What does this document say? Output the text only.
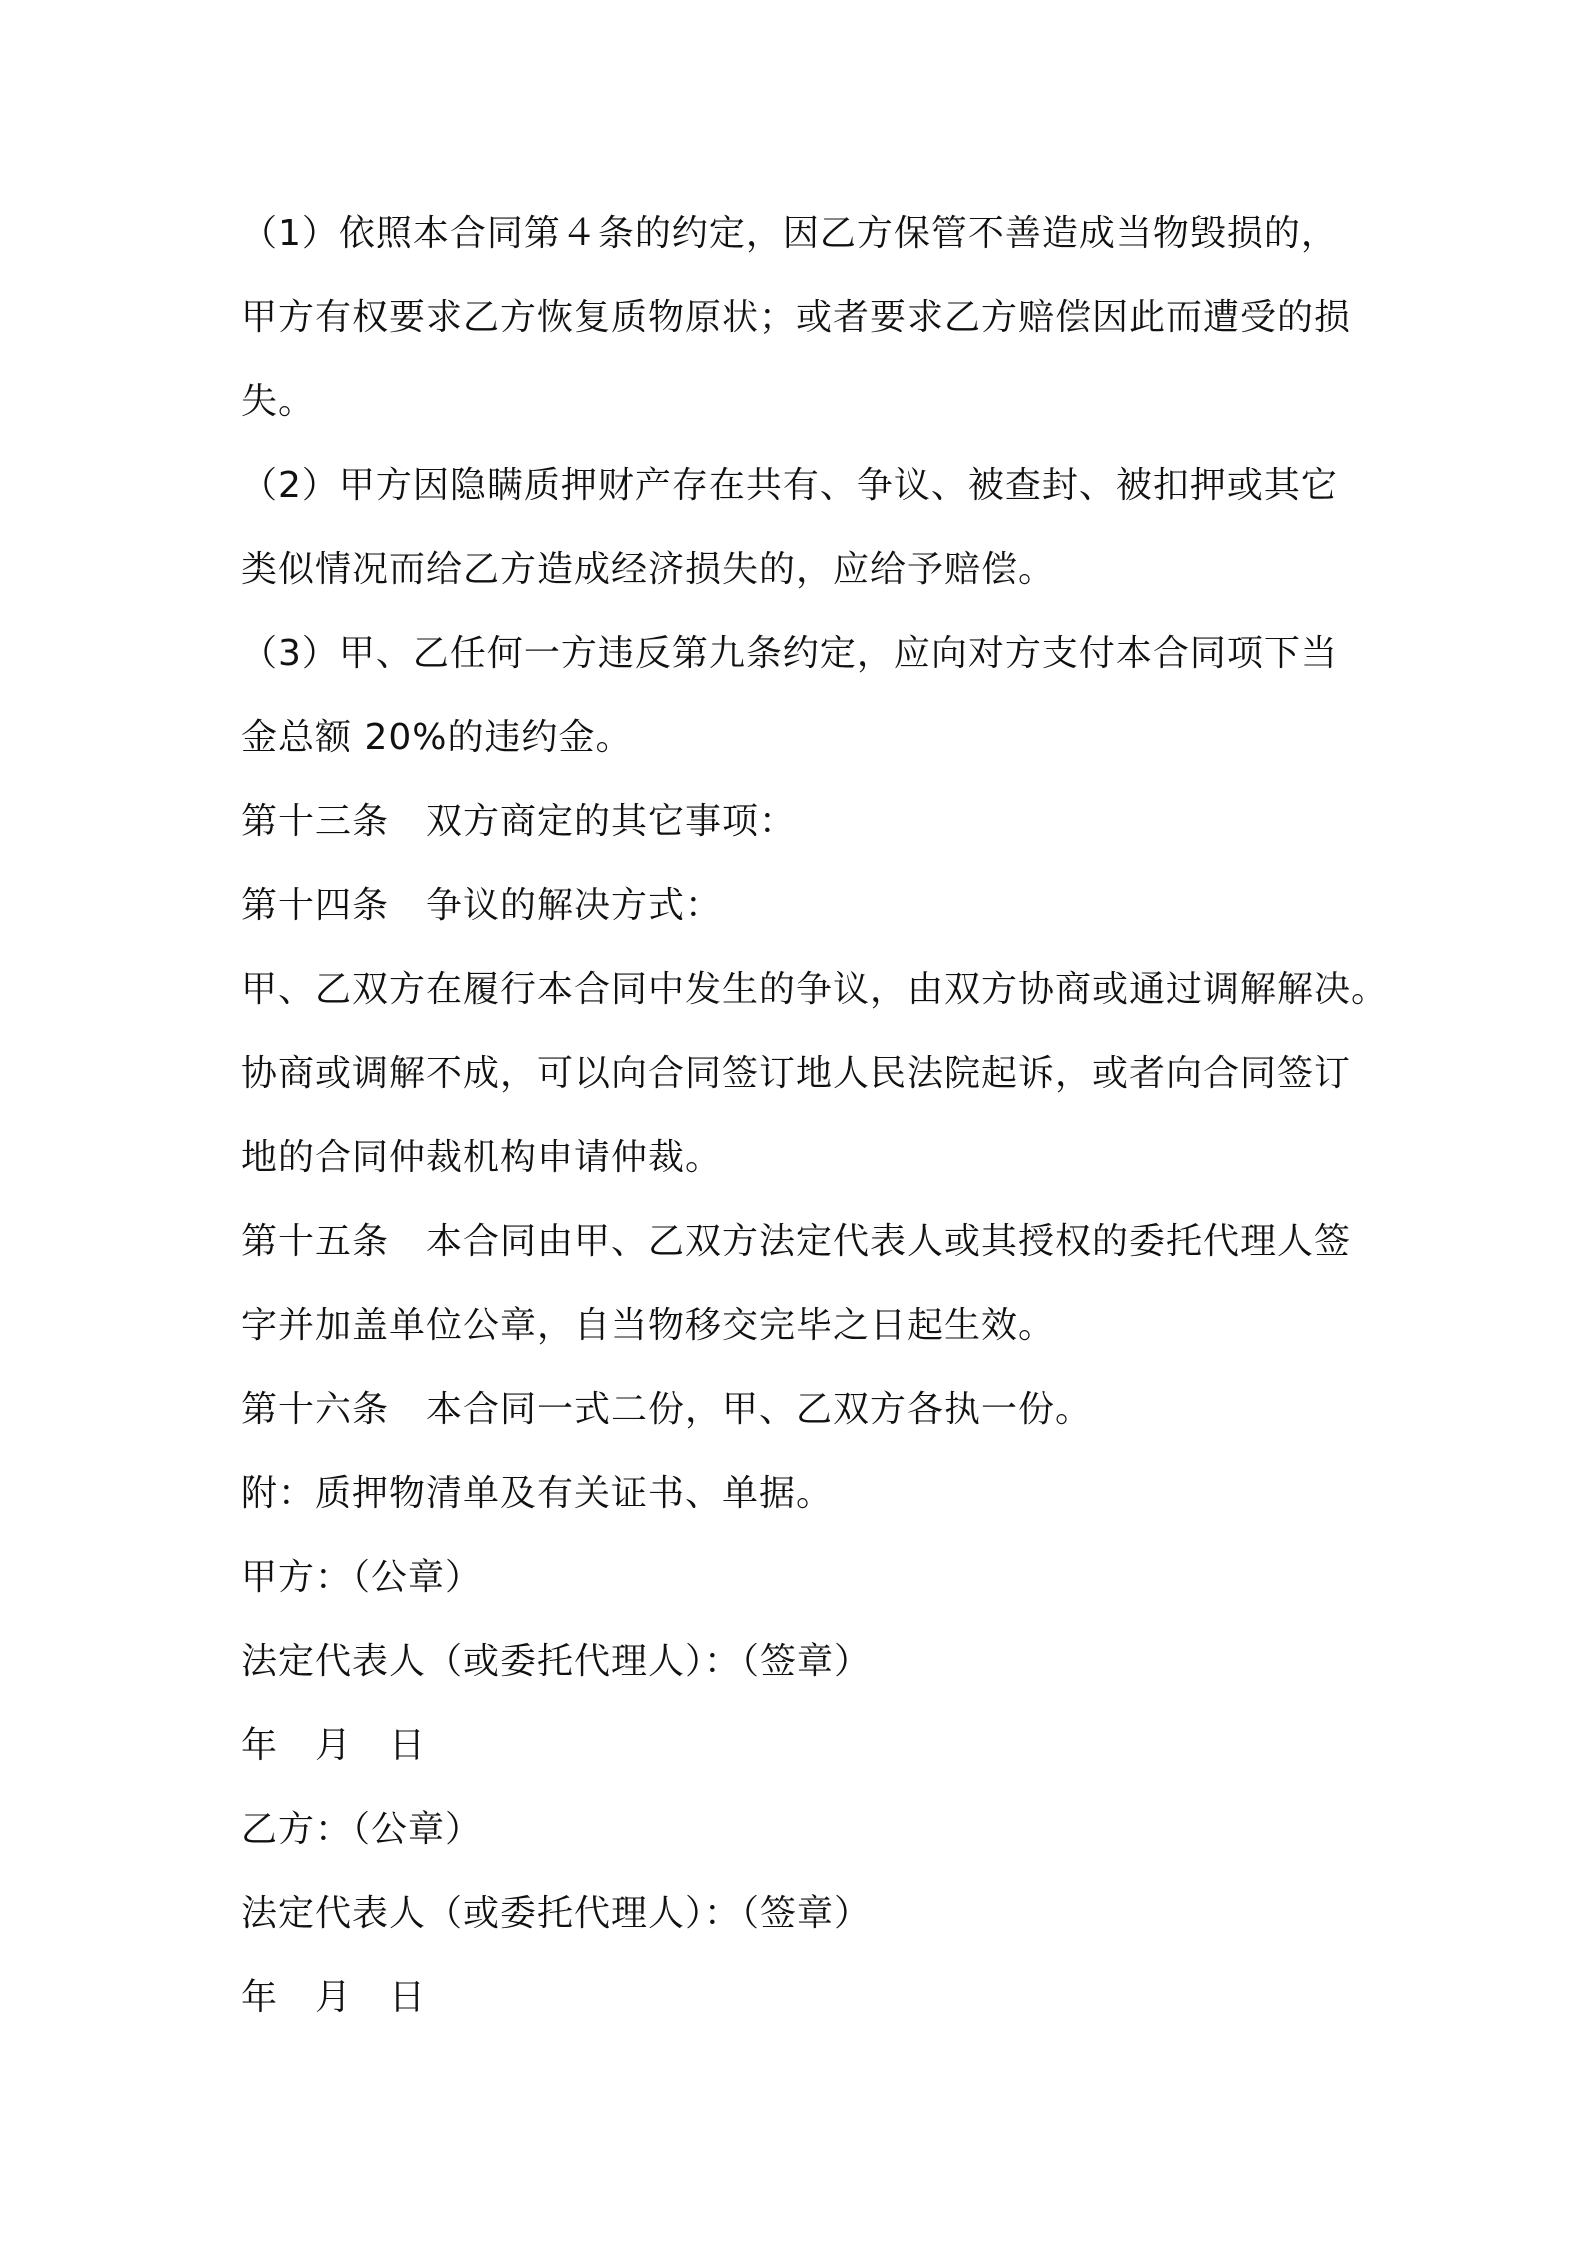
（1）依照本合同第４条的约定，因乙方保管不善造成当物毁损的，
甲方有权要求乙方恢复质物原状；或者要求乙方赔偿因此而遭受的损
失。
（2）甲方因隐瞒质押财产存在共有、争议、被查封、被扣押或其它
类似情况而给乙方造成经济损失的，应给予赔偿。
（3）甲、乙任何一方违反第九条约定，应向对方支付本合同项下当
金总额 20%的违约金。
第十三条　双方商定的其它事项：
第十四条　争议的解决方式：
甲、乙双方在履行本合同中发生的争议，由双方协商或通过调解解决。
协商或调解不成，可以向合同签订地人民法院起诉，或者向合同签订
地的合同仲裁机构申请仲裁。
第十五条　本合同由甲、乙双方法定代表人或其授权的委托代理人签
字并加盖单位公章，自当物移交完毕之日起生效。
第十六条　本合同一式二份，甲、乙双方各执一份。
附：质押物清单及有关证书、单据。
甲方：（公章）
法定代表人（或委托代理人）：（签章）
年　月　日
乙方：（公章）
法定代表人（或委托代理人）：（签章）
年　月　日
